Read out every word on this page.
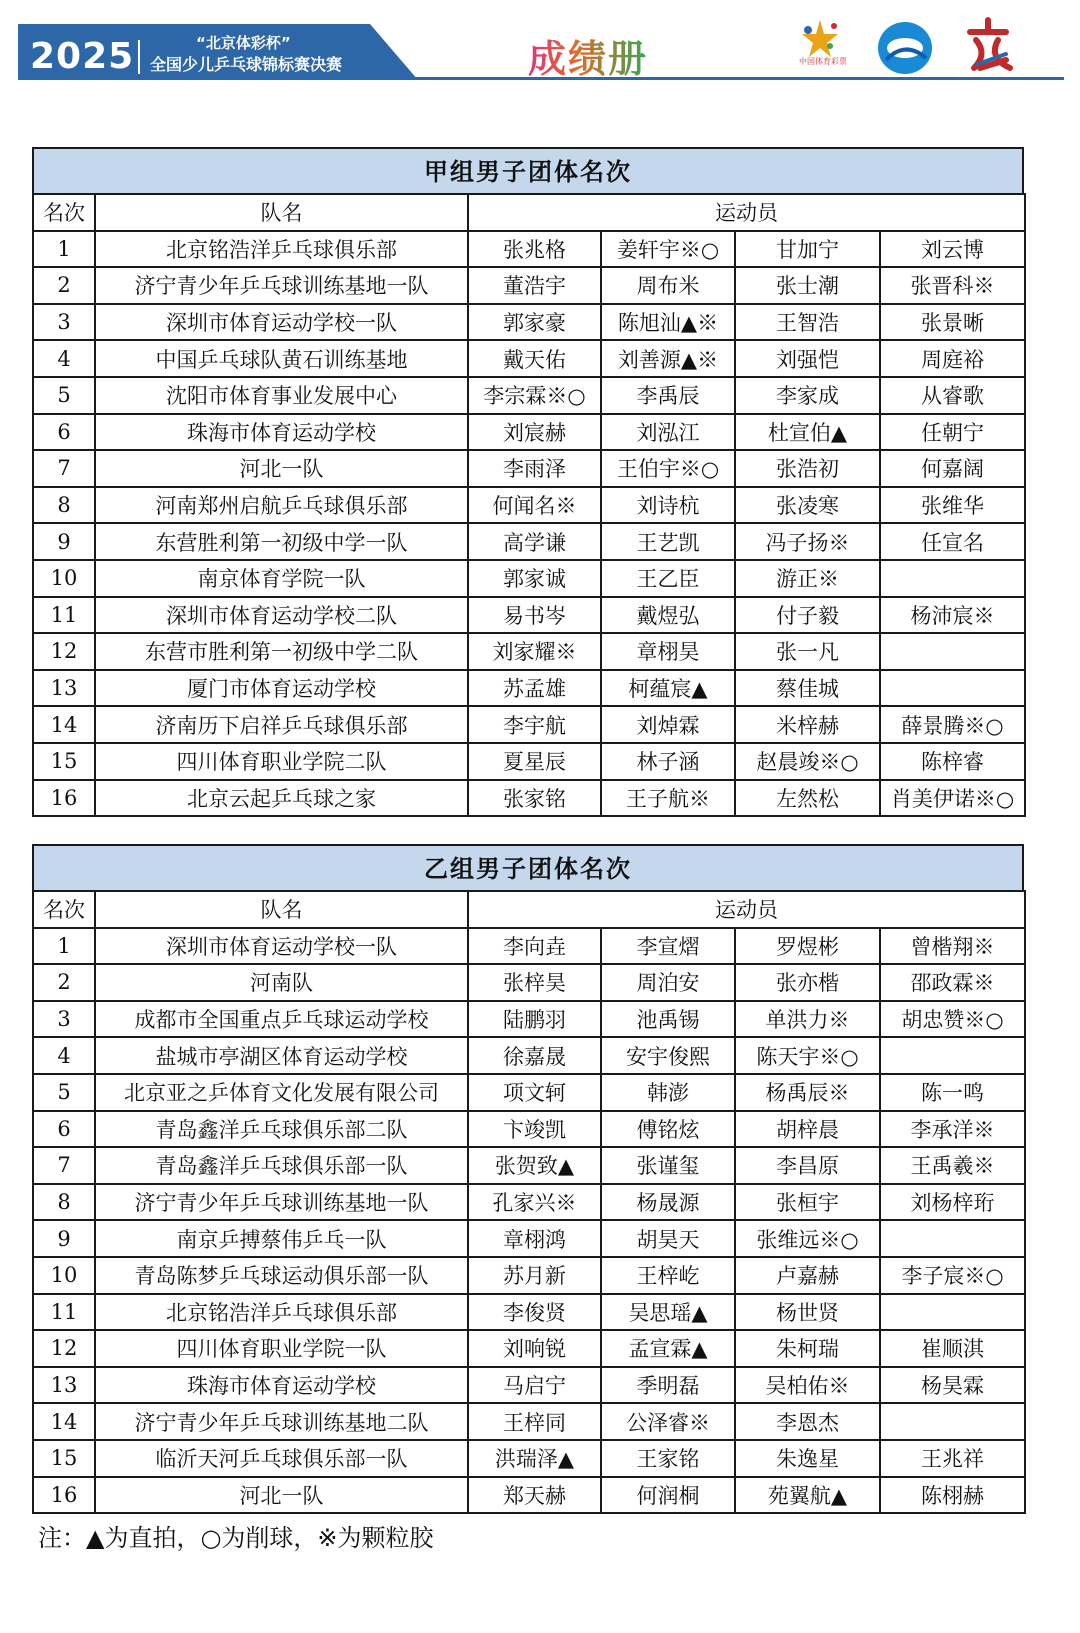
2025	“北京体彩杯”
全国少儿乒乓球锦标赛决赛	成绩册	中国体育彩票
甲组男子团体名次
名次	队名	运动员			
1	北京铭浩洋乒乓球俱乐部	张兆格	姜轩宇※○	甘加宁	刘云博
2	济宁青少年乒乓球训练基地一队	董浩宇	周布米	张士潮	张晋科※
3	深圳市体育运动学校一队	郭家豪	陈旭汕▲※	王智浩	张景晰
4	中国乒乓球队黄石训练基地	戴天佑	刘善源▲※	刘强恺	周庭裕
5	沈阳市体育事业发展中心	李宗霖※○	李禹辰	李家成	从睿歌
6	珠海市体育运动学校	刘宸赫	刘泓江	杜宣伯▲	任朝宁
7	河北一队	李雨泽	王伯宇※○	张浩初	何嘉阔
8	河南郑州启航乒乓球俱乐部	何闻名※	刘诗杭	张凌寒	张维华
9	东营胜利第一初级中学一队	高学谦	王艺凯	冯子扬※	任宣名
10	南京体育学院一队	郭家诚	王乙臣	游正※	
11	深圳市体育运动学校二队	易书岑	戴煜弘	付子毅	杨沛宸※
12	东营市胜利第一初级中学二队	刘家耀※	章栩昊	张一凡	
13	厦门市体育运动学校	苏孟雄	柯蕴宸▲	蔡佳城	
14	济南历下启祥乒乓球俱乐部	李宇航	刘焯霖	米梓赫	薛景腾※○
15	四川体育职业学院二队	夏星辰	林子涵	赵晨竣※○	陈梓睿
16	北京云起乒乓球之家	张家铭	王子航※	左然松	肖美伊诺※○
乙组男子团体名次
名次	队名	运动员			
1	深圳市体育运动学校一队	李向垚	李宣熠	罗煜彬	曾楷翔※
2	河南队	张梓昊	周泊安	张亦楷	邵政霖※
3	成都市全国重点乒乓球运动学校	陆鹏羽	池禹锡	单洪力※	胡忠赞※○
4	盐城市亭湖区体育运动学校	徐嘉晟	安宇俊熙	陈天宇※○	
5	北京亚之乒体育文化发展有限公司	项文轲	韩澎	杨禹辰※	陈一鸣
6	青岛鑫洋乒乓球俱乐部二队	卞竣凯	傅铭炫	胡梓晨	李承洋※
7	青岛鑫洋乒乓球俱乐部一队	张贺致▲	张谨玺	李昌原	王禹羲※
8	济宁青少年乒乓球训练基地一队	孔家兴※	杨晟源	张桓宇	刘杨梓珩
9	南京乒搏蔡伟乒乓一队	章栩鸿	胡昊天	张维远※○	
10	青岛陈梦乒乓球运动俱乐部一队	苏月新	王梓屹	卢嘉赫	李子宸※○
11	北京铭浩洋乒乓球俱乐部	李俊贤	吴思瑶▲	杨世贤	
12	四川体育职业学院一队	刘响锐	孟宣霖▲	朱柯瑞	崔顺淇
13	珠海市体育运动学校	马启宁	季明磊	吴柏佑※	杨昊霖
14	济宁青少年乒乓球训练基地二队	王梓同	公泽睿※	李恩杰	
15	临沂天河乒乓球俱乐部一队	洪瑞泽▲	王家铭	朱逸星	王兆祥
16	河北一队	郑天赫	何润桐	苑翼航▲	陈栩赫
注：▲为直拍，○为削球，※为颗粒胶
